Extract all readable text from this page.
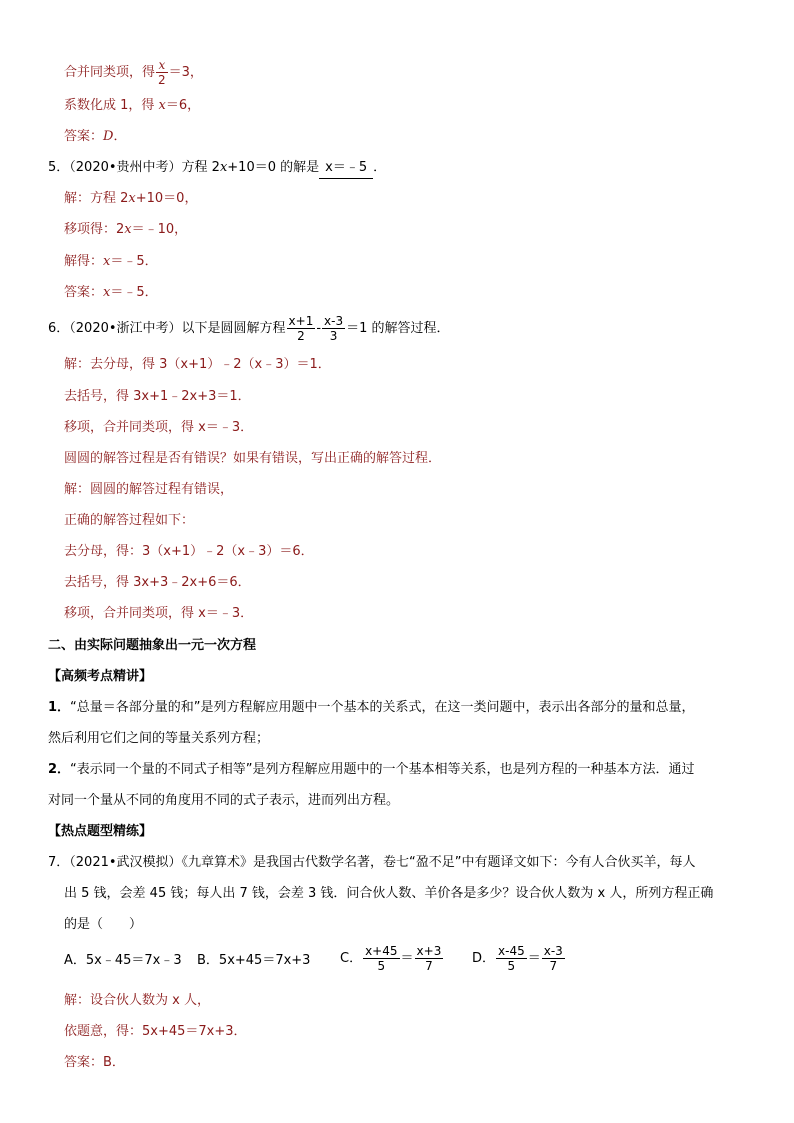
合并同类项，得 $\frac{x}{2} =3$，
系数化成 1，得 x＝6，
答案：D．
5．（2020•贵州中考）方程 2x+10＝0 的解是 x＝﹣5 ．
解：方程 2x+10＝0，
移项得：2x＝﹣10，
解得：x＝﹣5．
答案：x＝﹣5．
6．（2020•浙江中考）以下是圆圆解方程 $\frac{x+1}{2} - \frac{x-3}{3} =1$ 的解答过程．
解：去分母，得 3（x+1）﹣2（x﹣3）＝1．
去括号，得 3x+1﹣2x+3＝1．
移项，合并同类项，得 x＝﹣3．
圆圆的解答过程是否有错误？如果有错误，写出正确的解答过程．
解：圆圆的解答过程有错误，
正确的解答过程如下：
去分母，得：3（x+1）﹣2（x﹣3）＝6．
去括号，得 3x+3﹣2x+6＝6．
移项，合并同类项，得 x＝﹣3．
二、由实际问题抽象出一元一次方程
【高频考点精讲】
1．“总量＝各部分量的和”是列方程解应用题中一个基本的关系式，在这一类问题中，表示出各部分的量和总量，
然后利用它们之间的等量关系列方程；
2．“表示同一个量的不同式子相等”是列方程解应用题中的一个基本相等关系，也是列方程的一种基本方法．通过
对同一个量从不同的角度用不同的式子表示，进而列出方程。
【热点题型精练】
7．（2021•武汉模拟）《九章算术》是我国古代数学名著，卷七“盈不足”中有题译文如下：今有人合伙买羊，每人
出 5 钱，会差 45 钱；每人出 7 钱，会差 3 钱．问合伙人数、羊价各是多少？设合伙人数为 x 人，所列方程正确
的是（　　）
A．5x﹣45＝7x﹣3 B．5x+45＝7x+3 C． $\frac{x+45}{5} = \frac{x+3}{7}$ D． $\frac{x-45}{5} = \frac{x-3}{7}$
解：设合伙人数为 x 人，
依题意，得：5x+45＝7x+3．
答案：B．
